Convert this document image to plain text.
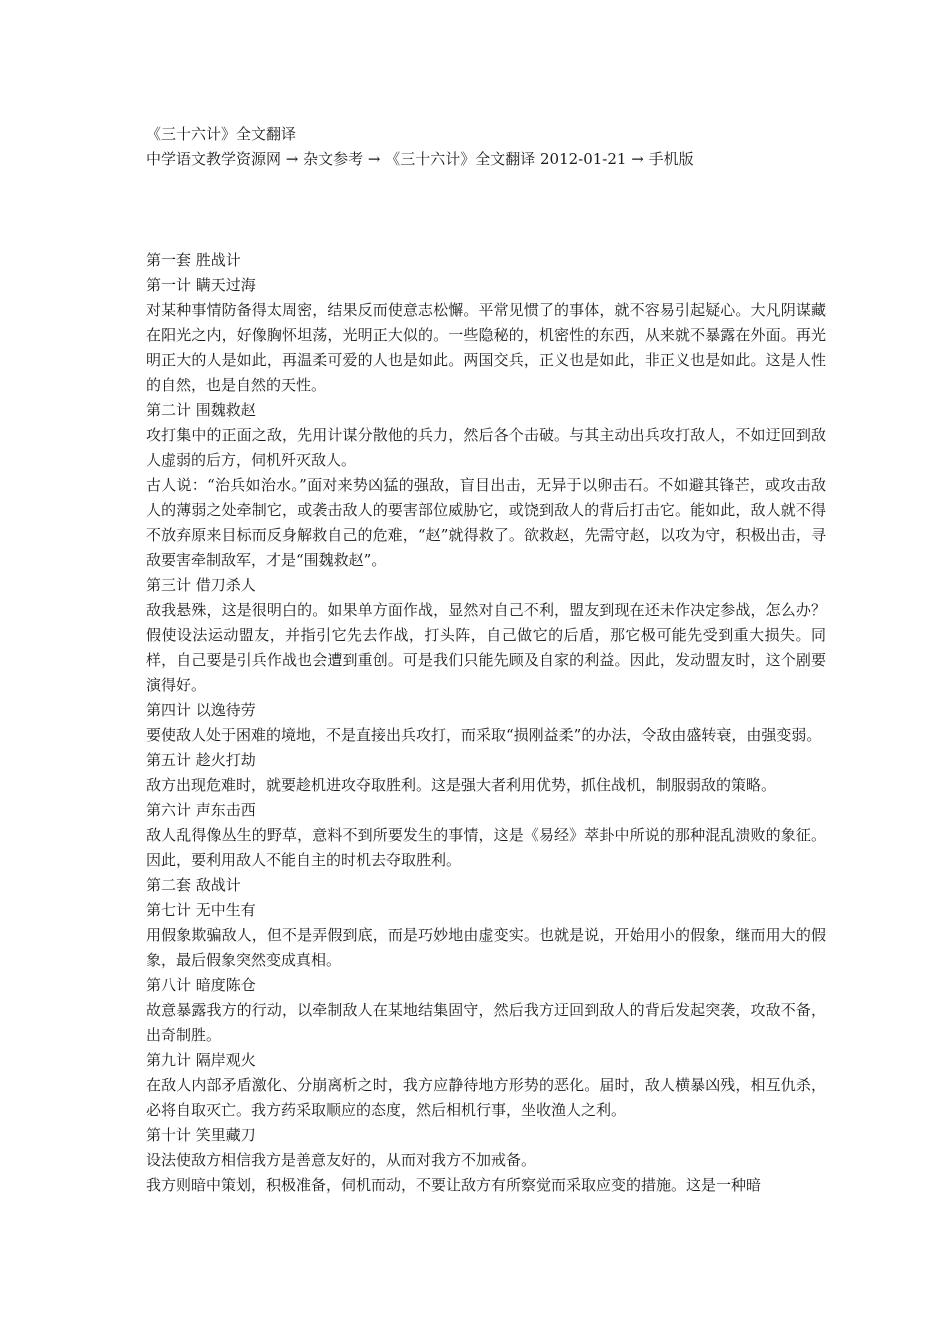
《三十六计》全文翻译

中学语文教学资源网 → 杂文参考 → 《三十六计》全文翻译 2012-01-21 → 手机版

第一套 胜战计

第一计 瞒天过海

对某种事情防备得太周密，结果反而使意志松懈。平常见惯了的事体，就不容易引起疑心。大凡阴谋藏在阳光之内，好像胸怀坦荡，光明正大似的。一些隐秘的，机密性的东西，从来就不暴露在外面。再光明正大的人是如此，再温柔可爱的人也是如此。两国交兵，正义也是如此，非正义也是如此。这是人性的自然，也是自然的天性。

第二计 围魏救赵

攻打集中的正面之敌，先用计谋分散他的兵力，然后各个击破。与其主动出兵攻打敌人，不如迂回到敌人虚弱的后方，伺机歼灭敌人。

古人说：“治兵如治水。”面对来势凶猛的强敌，盲目出击，无异于以卵击石。不如避其锋芒，或攻击敌人的薄弱之处牵制它，或袭击敌人的要害部位威胁它，或饶到敌人的背后打击它。能如此，敌人就不得不放弃原来目标而反身解救自己的危难，“赵”就得救了。欲救赵，先需守赵，以攻为守，积极出击，寻敌要害牵制敌军，才是“围魏救赵”。

第三计 借刀杀人

敌我悬殊，这是很明白的。如果单方面作战，显然对自己不利，盟友到现在还未作决定参战，怎么办？假使设法运动盟友，并指引它先去作战，打头阵，自己做它的后盾，那它极可能先受到重大损失。同样，自己要是引兵作战也会遭到重创。可是我们只能先顾及自家的利益。因此，发动盟友时，这个剧要演得好。

第四计 以逸待劳

要使敌人处于困难的境地，不是直接出兵攻打，而采取“损刚益柔”的办法，令敌由盛转衰，由强变弱。

第五计 趁火打劫

敌方出现危难时，就要趁机进攻夺取胜利。这是强大者利用优势，抓住战机，制服弱敌的策略。

第六计 声东击西

敌人乱得像丛生的野草，意料不到所要发生的事情，这是《易经》萃卦中所说的那种混乱溃败的象征。因此，要利用敌人不能自主的时机去夺取胜利。

第二套 敌战计

第七计 无中生有

用假象欺骗敌人，但不是弄假到底，而是巧妙地由虚变实。也就是说，开始用小的假象，继而用大的假象，最后假象突然变成真相。

第八计 暗度陈仓

故意暴露我方的行动，以牵制敌人在某地结集固守，然后我方迂回到敌人的背后发起突袭，攻敌不备，出奇制胜。

第九计 隔岸观火

在敌人内部矛盾激化、分崩离析之时，我方应静待地方形势的恶化。届时，敌人横暴凶残，相互仇杀，必将自取灭亡。我方药采取顺应的态度，然后相机行事，坐收渔人之利。

第十计 笑里藏刀

设法使敌方相信我方是善意友好的，从而对我方不加戒备。

我方则暗中策划，积极准备，伺机而动，不要让敌方有所察觉而采取应变的措施。这是一种暗
